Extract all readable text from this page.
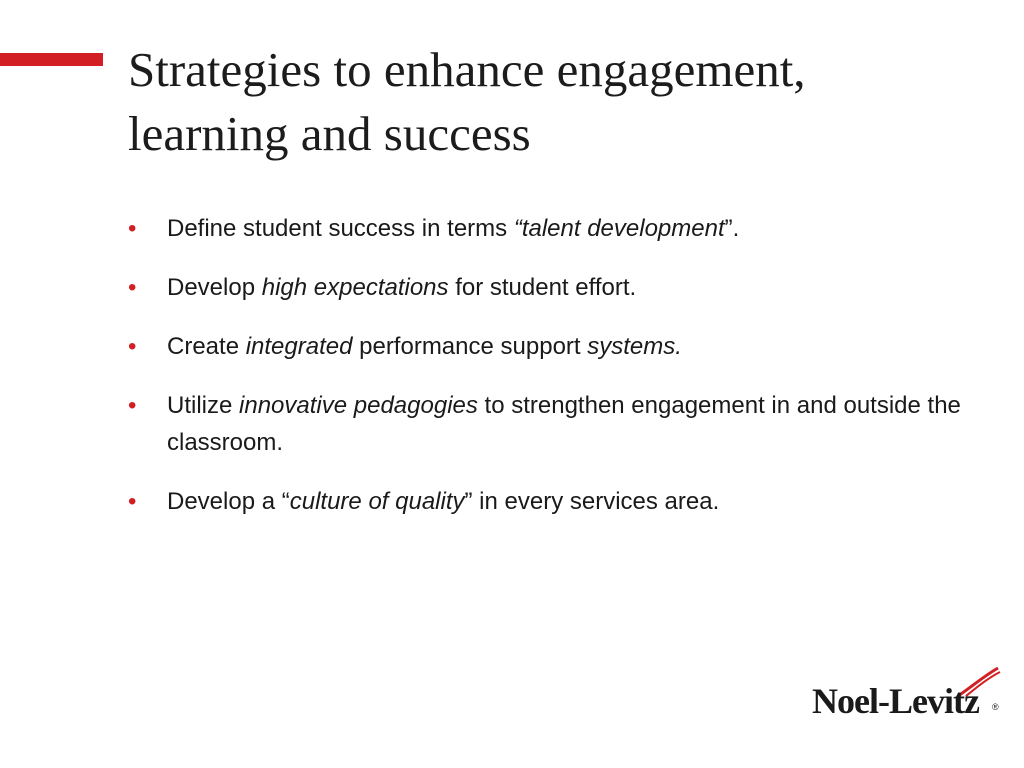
Strategies to enhance engagement,
learning and success
• Define student success in terms “talent development”.
• Develop high expectations for student effort.
• Create integrated performance support systems.
• Utilize innovative pedagogies to strengthen engagement in and outside the classroom.
• Develop a “culture of quality” in every services area.
Noel-Levitz ®
